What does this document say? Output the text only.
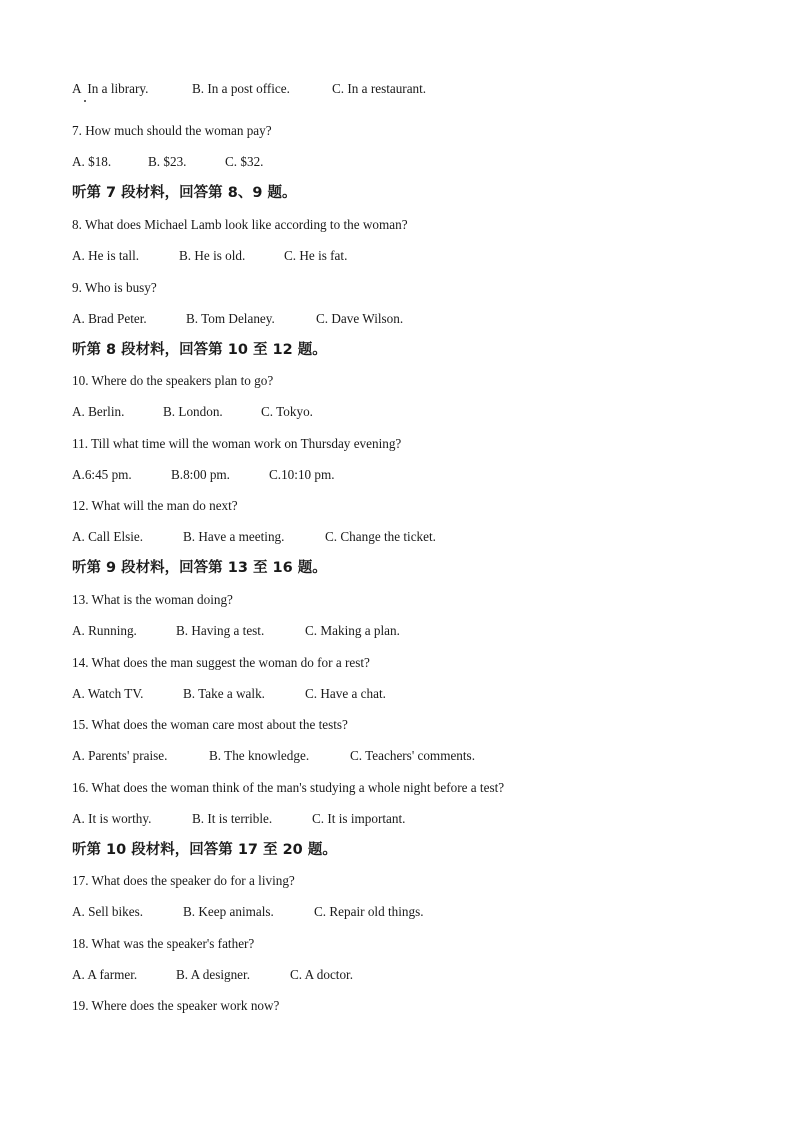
A  In a library.	B. In a post office.	C. In a restaurant.
7. How much should the woman pay?
A. $18.	B. $23.	C. $32.
听第 7 段材料，回答第 8、9 题。
8. What does Michael Lamb look like according to the woman?
A. He is tall.	B. He is old.	C. He is fat.
9. Who is busy?
A. Brad Peter.	B. Tom Delaney.	C. Dave Wilson.
听第 8 段材料，回答第 10 至 12 题。
10. Where do the speakers plan to go?
A. Berlin.	B. London.	C. Tokyo.
11. Till what time will the woman work on Thursday evening?
A.6:45 pm.	B.8:00 pm.	C.10:10 pm.
12. What will the man do next?
A. Call Elsie.	B. Have a meeting.	C. Change the ticket.
听第 9 段材料，回答第 13 至 16 题。
13. What is the woman doing?
A. Running.	B. Having a test.	C. Making a plan.
14. What does the man suggest the woman do for a rest?
A. Watch TV.	B. Take a walk.	C. Have a chat.
15. What does the woman care most about the tests?
A. Parents' praise.	B. The knowledge.	C. Teachers' comments.
16. What does the woman think of the man's studying a whole night before a test?
A. It is worthy.	B. It is terrible.	C. It is important.
听第 10 段材料，回答第 17 至 20 题。
17. What does the speaker do for a living?
A. Sell bikes.	B. Keep animals.	C. Repair old things.
18. What was the speaker's father?
A. A farmer.	B. A designer.	C. A doctor.
19. Where does the speaker work now?
